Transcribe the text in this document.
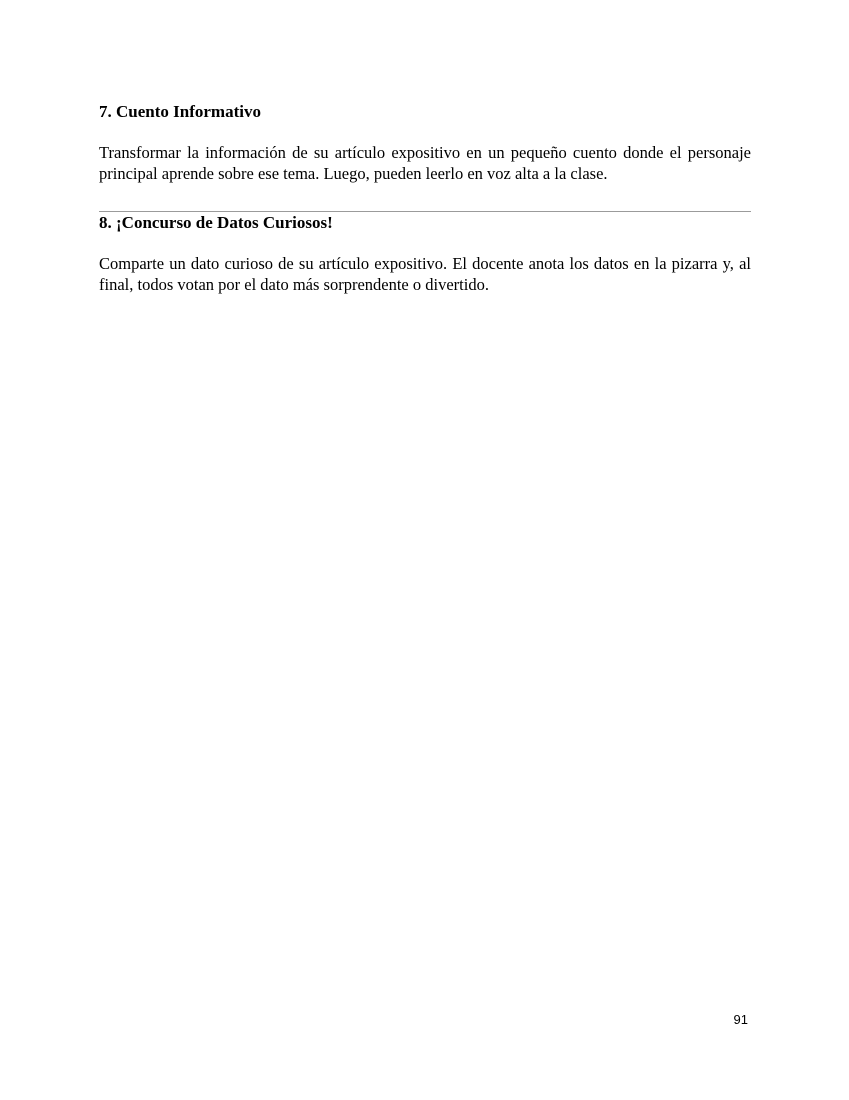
7. Cuento Informativo

Transformar la información de su artículo expositivo en un pequeño cuento donde el personaje principal aprende sobre ese tema. Luego, pueden leerlo en voz alta a la clase.

8. ¡Concurso de Datos Curiosos!

Comparte un dato curioso de su artículo expositivo. El docente anota los datos en la pizarra y, al final, todos votan por el dato más sorprendente o divertido.

91
